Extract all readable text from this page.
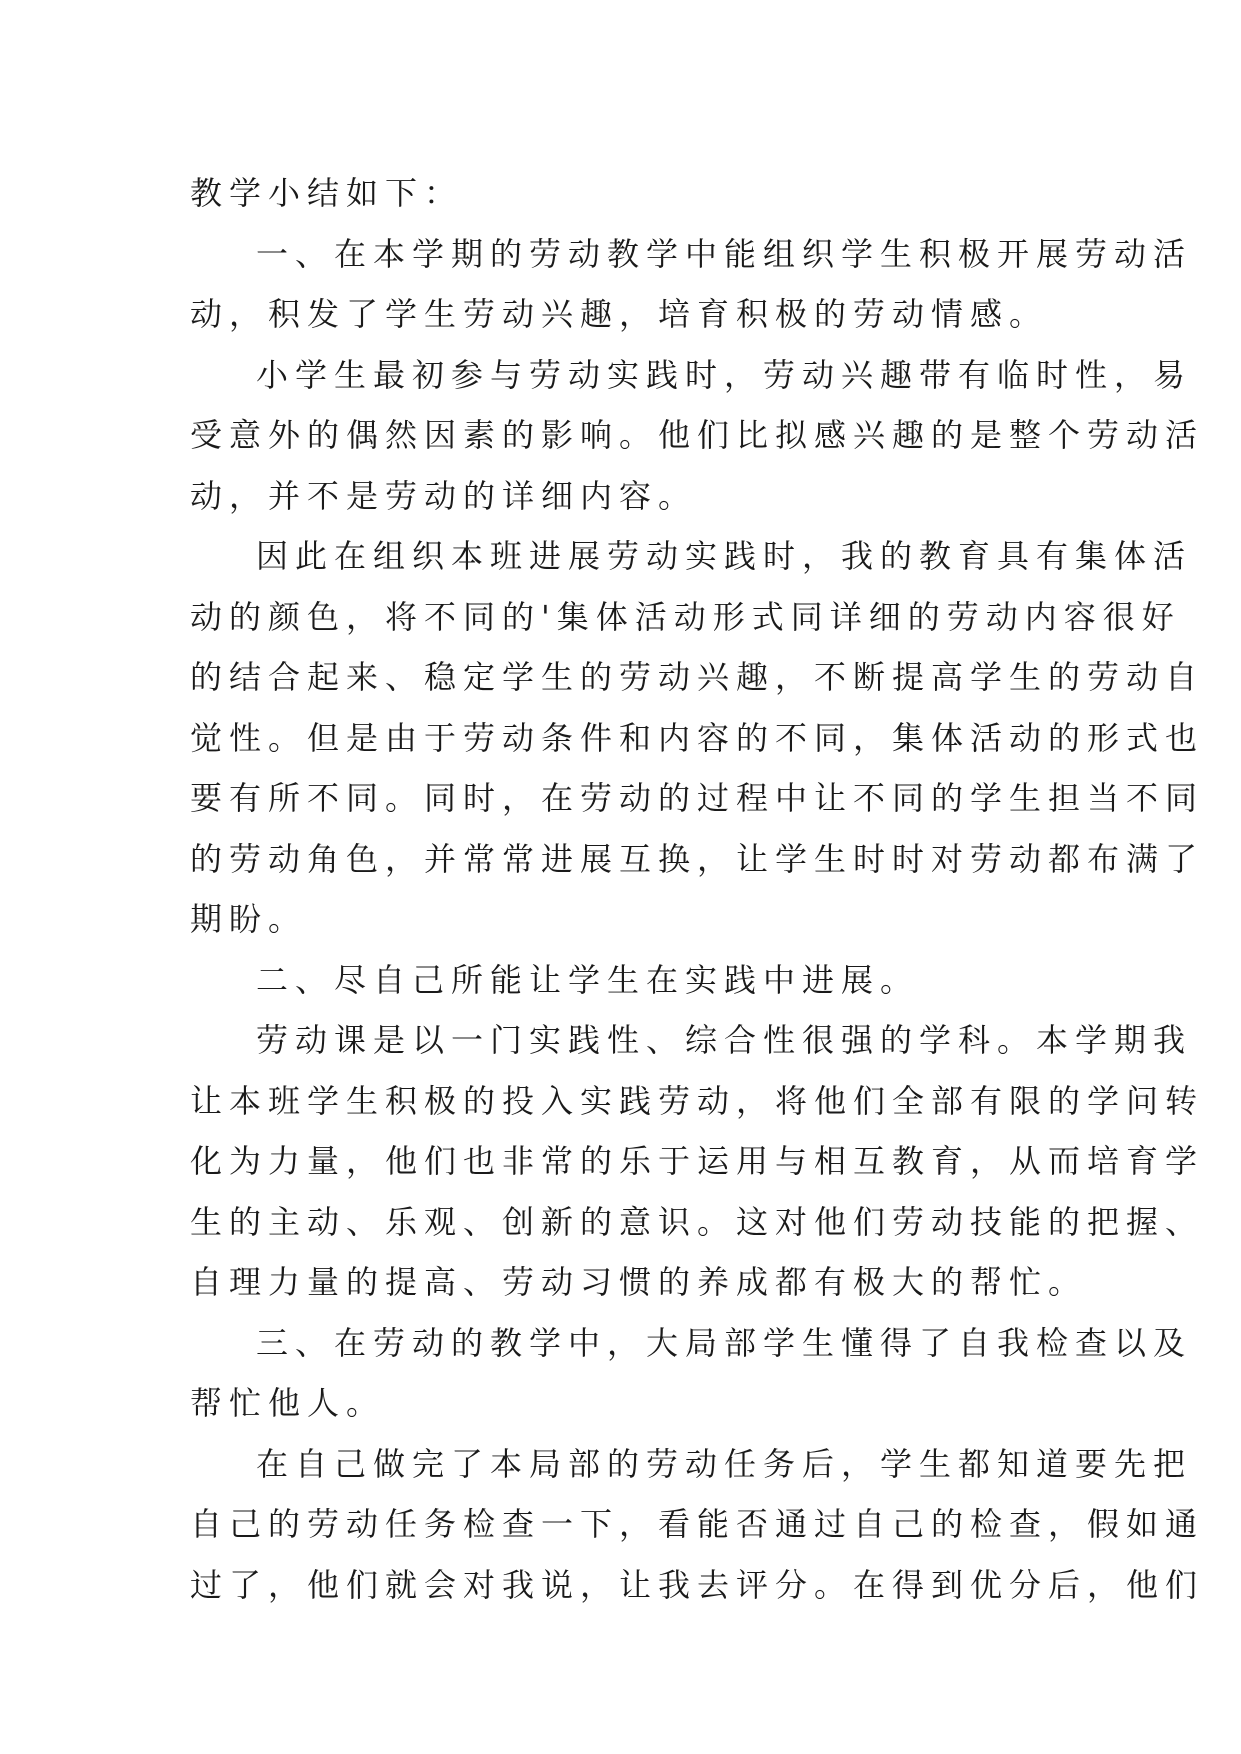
教学小结如下：
一、在本学期的劳动教学中能组织学生积极开展劳动活
动，积发了学生劳动兴趣，培育积极的劳动情感。
小学生最初参与劳动实践时，劳动兴趣带有临时性，易
受意外的偶然因素的影响。他们比拟感兴趣的是整个劳动活
动，并不是劳动的详细内容。
因此在组织本班进展劳动实践时，我的教育具有集体活
动的颜色，将不同的'集体活动形式同详细的劳动内容很好
的结合起来、稳定学生的劳动兴趣，不断提高学生的劳动自
觉性。但是由于劳动条件和内容的不同，集体活动的形式也
要有所不同。同时，在劳动的过程中让不同的学生担当不同
的劳动角色，并常常进展互换，让学生时时对劳动都布满了
期盼。
二、尽自己所能让学生在实践中进展。
劳动课是以一门实践性、综合性很强的学科。本学期我
让本班学生积极的投入实践劳动，将他们全部有限的学问转
化为力量，他们也非常的乐于运用与相互教育，从而培育学
生的主动、乐观、创新的意识。这对他们劳动技能的把握、
自理力量的提高、劳动习惯的养成都有极大的帮忙。
三、在劳动的教学中，大局部学生懂得了自我检查以及
帮忙他人。
在自己做完了本局部的劳动任务后，学生都知道要先把
自己的劳动任务检查一下，看能否通过自己的检查，假如通
过了，他们就会对我说，让我去评分。在得到优分后，他们
